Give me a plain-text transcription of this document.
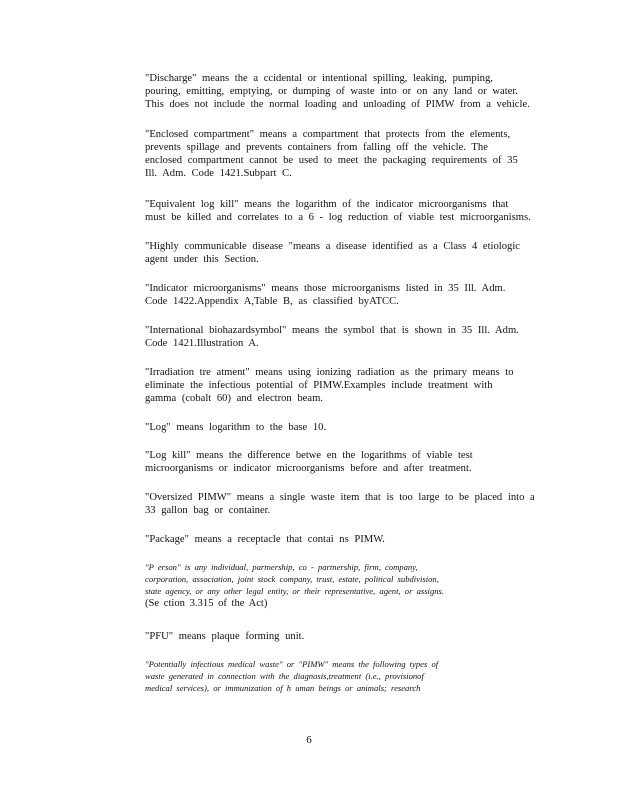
"Discharge" means the a ccidental or intentional spilling, leaking, pumping,
pouring, emitting, emptying, or dumping of waste into or on any land or water.
This does not include the normal loading and unloading of PIMW from a vehicle.

"Enclosed compartment" means a compartment that protects from the elements,
prevents spillage and prevents containers from falling off the vehicle. The
enclosed compartment cannot be used to meet the packaging requirements of 35
Ill. Adm. Code 1421.Subpart C.

"Equivalent log kill" means the logarithm of the indicator microorganisms that
must be killed and correlates to a 6 - log reduction of viable test microorganisms.

"Highly communicable disease "means a disease identified as a Class 4 etiologic
agent under this Section.

"Indicator microorganisms" means those microorganisms listed in 35 Ill. Adm.
Code 1422.Appendix A,Table B, as classified byATCC.

"International biohazardsymbol" means the symbol that is shown in 35 Ill. Adm.
Code 1421.Illustration A.

"Irradiation tre atment" means using ionizing radiation as the primary means to
eliminate the infectious potential of PIMW.Examples include treatment with
gamma (cobalt 60) and electron beam.

"Log" means logarithm to the base 10.

"Log kill" means the difference betwe en the logarithms of viable test
microorganisms or indicator microorganisms before and after treatment.

"Oversized PIMW" means a single waste item that is too large to be placed into a
33 gallon bag or container.

"Package" means a receptacle that contai ns PIMW.

"P erson" is any individual, partnership, co - partnership, firm, company,
corporation, association, joint stock company, trust, estate, political subdivision,
state agency, or any other legal entity, or their representative, agent, or assigns.
(Se ction 3.315 of the Act)

"PFU" means plaque forming unit.

"Potentially infectious medical waste" or "PIMW" means the following types of
waste generated in connection with the diagnosis,treatment (i.e., provisionof
medical services), or immunization of h uman beings or animals; research

6
